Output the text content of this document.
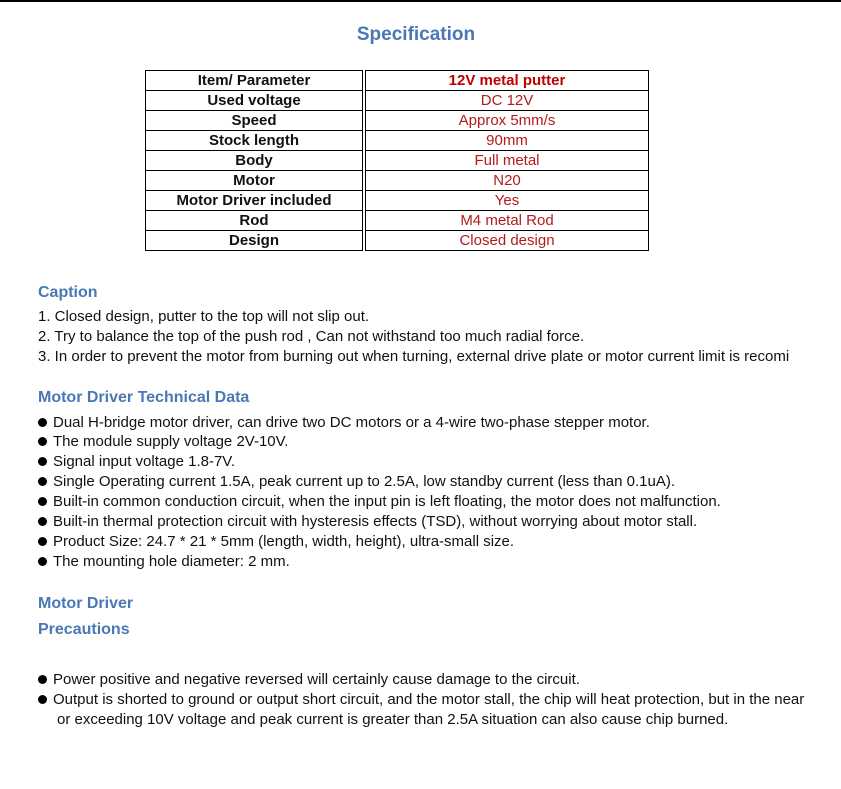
Specification
Item/ Parameter		12V metal putter
Used voltage		DC 12V
Speed		Approx 5mm/s
Stock length		90mm
Body		Full metal
Motor		N20
Motor Driver included		Yes
Rod		M4 metal Rod
Design		Closed design
Caption
1. Closed design, putter to the top will not slip out.
2. Try to balance the top of the push rod , Can not withstand too much radial force.
3. In order to prevent the motor from burning out when turning, external drive plate or motor current limit is recomi
Motor Driver Technical Data
Dual H-bridge motor driver, can drive two DC motors or a 4-wire two-phase stepper motor.
The module supply voltage 2V-10V.
Signal input voltage 1.8-7V.
Single Operating current 1.5A, peak current up to 2.5A, low standby current (less than 0.1uA).
Built-in common conduction circuit, when the input pin is left floating, the motor does not malfunction.
Built-in thermal protection circuit with hysteresis effects (TSD), without worrying about motor stall.
Product Size: 24.7 * 21 * 5mm (length, width, height), ultra-small size.
The mounting hole diameter: 2 mm.
Motor Driver
Precautions
Power positive and negative reversed will certainly cause damage to the circuit.
Output is shorted to ground or output short circuit, and the motor stall, the chip will heat protection, but in the near
or exceeding 10V voltage and peak current is greater than 2.5A situation can also cause chip burned.
